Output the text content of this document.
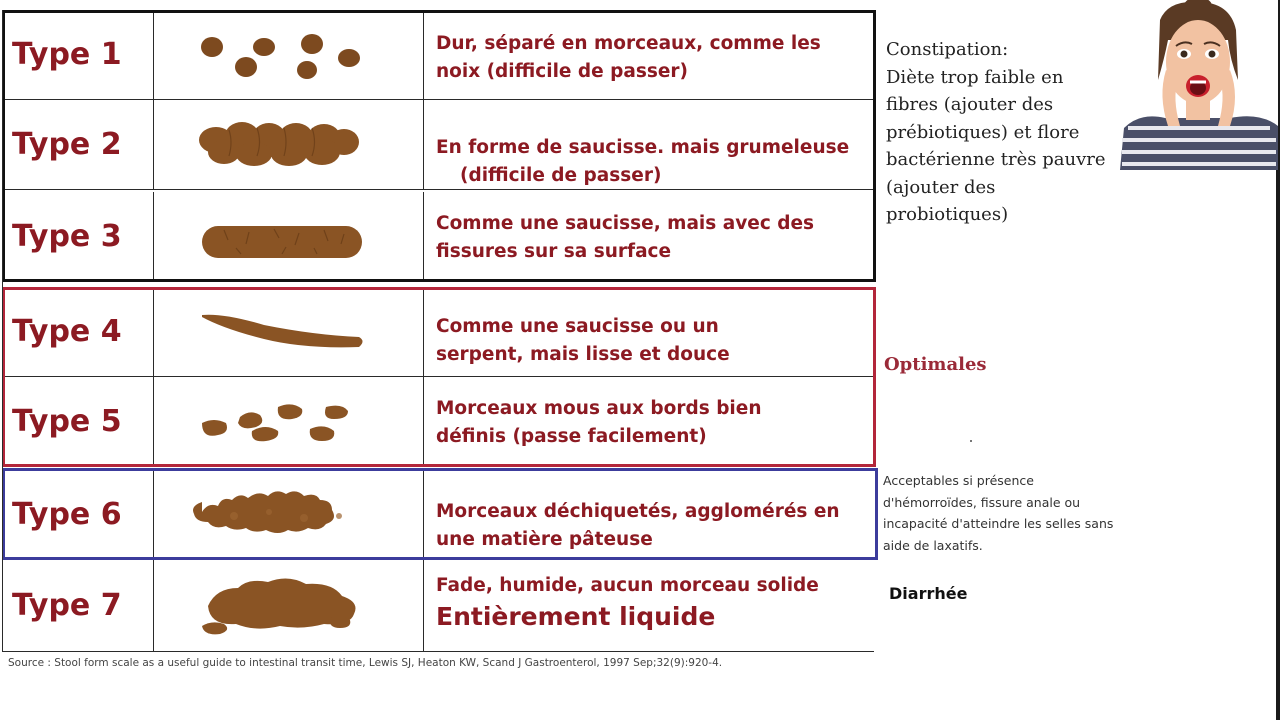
Type 1	Dur, séparé en morceaux, comme les
noix (difficile de passer)
Type 2	En forme de saucisse. mais grumeleuse
(difficile de passer)
Type 3	Comme une saucisse, mais avec des
fissures sur sa surface
Type 4	Comme une saucisse ou un
serpent, mais lisse et douce
Type 5	Morceaux mous aux bords bien
définis (passe facilement)
Type 6	Morceaux déchiquetés, agglomérés en
une matière pâteuse
Type 7
Fade, humide, aucun morceau solide
Entièrement liquide
Constipation:
Diète trop faible en
fibres (ajouter des
prébiotiques) et flore
bactérienne très pauvre
(ajouter des
probiotiques)
Optimales
Acceptables si présence
d'hémorroïdes, fissure anale ou
incapacité d'atteindre les selles sans
aide de laxatifs.
Diarrhée
Source : Stool form scale as a useful guide to intestinal transit time, Lewis SJ, Heaton KW, Scand J Gastroenterol, 1997 Sep;32(9):920-4.
